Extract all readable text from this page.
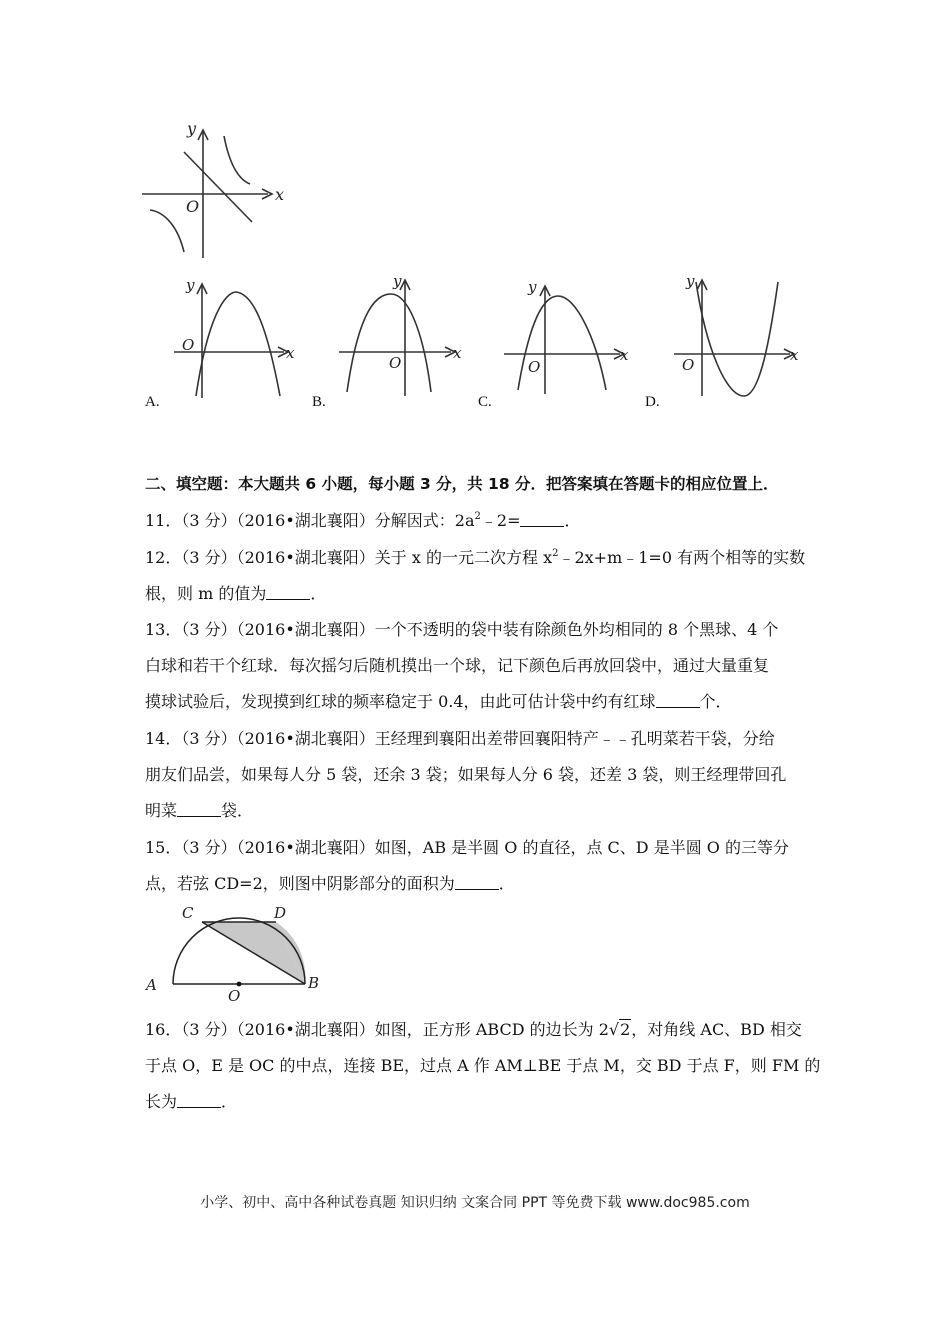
y
x
O
y
x
O
A.
y
x
O
B.
y
x
O
C.
y
x
O
D.
二、填空题：本大题共 6 小题，每小题 3 分，共 18 分．把答案填在答题卡的相应位置上．
11．（3 分）（2016•湖北襄阳）分解因式：$2a^2﹣2=$	．
12．（3 分）（2016•湖北襄阳）关于 x 的一元二次方程 $x^2﹣2x+m﹣1=0$ 有两个相等的实数
根，则 m 的值为	．
13．（3 分）（2016•湖北襄阳）一个不透明的袋中装有除颜色外均相同的 8 个黑球、4 个
白球和若干个红球．每次摇匀后随机摸出一个球，记下颜色后再放回袋中，通过大量重复
摸球试验后，发现摸到红球的频率稳定于 0.4，由此可估计袋中约有红球	个．
14．（3 分）（2016•湖北襄阳）王经理到襄阳出差带回襄阳特产﹣﹣孔明菜若干袋，分给
朋友们品尝，如果每人分 5 袋，还余 3 袋；如果每人分 6 袋，还差 3 袋，则王经理带回孔
明菜	袋．
15．（3 分）（2016•湖北襄阳）如图，AB 是半圆 O 的直径，点 C、D 是半圆 O 的三等分
点，若弦 CD=2，则图中阴影部分的面积为	．
C	D
A	B
O
16．（3 分）（2016•湖北襄阳）如图，正方形 ABCD 的边长为 2√2，对角线 AC、BD 相交
于点 O，E 是 OC 的中点，连接 BE，过点 A 作 AM⊥BE 于点 M，交 BD 于点 F，则 FM 的
长为	．
小学、初中、高中各种试卷真题 知识归纳 文案合同 PPT 等免费下载 www.doc985.com
